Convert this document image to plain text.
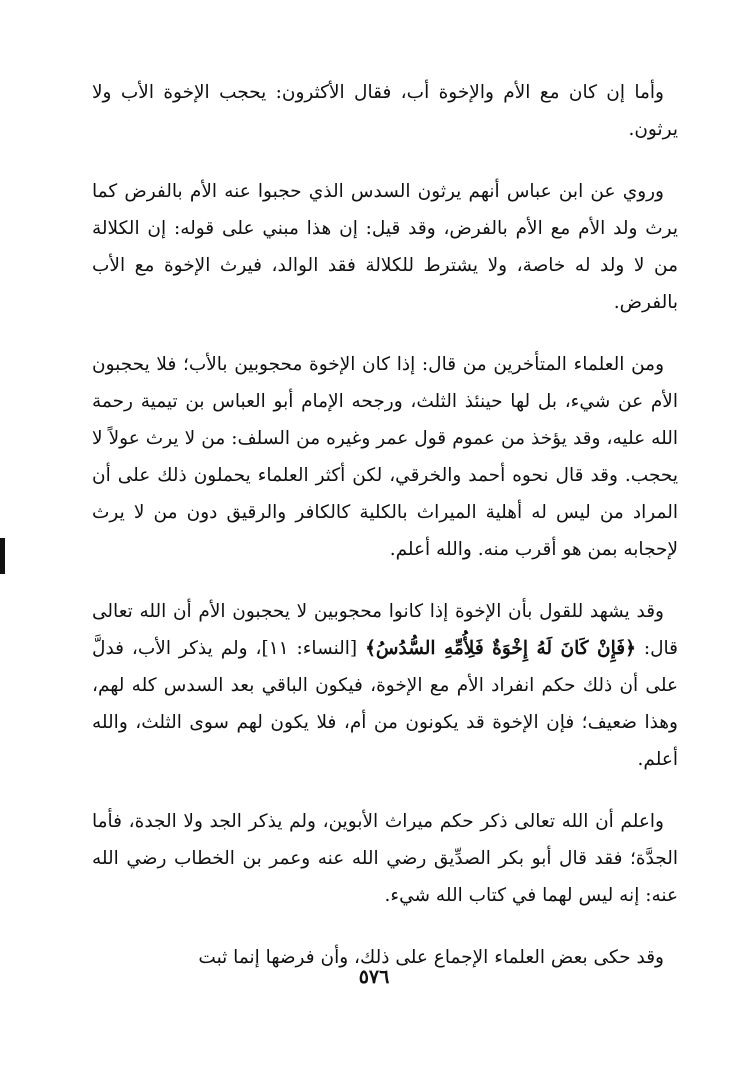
وأما إن كان مع الأم والإخوة أب، فقال الأكثرون: يحجب الإخوة الأب ولا يرثون.

وروي عن ابن عباس أنهم يرثون السدس الذي حجبوا عنه الأم بالفرض كما يرث ولد الأم مع الأم بالفرض، وقد قيل: إن هذا مبني على قوله: إن الكلالة من لا ولد له خاصة، ولا يشترط للكلالة فقد الوالد، فيرث الإخوة مع الأب بالفرض.

ومن العلماء المتأخرين من قال: إذا كان الإخوة محجوبين بالأب؛ فلا يحجبون الأم عن شيء، بل لها حينئذ الثلث، ورجحه الإمام أبو العباس بن تيمية رحمة الله عليه، وقد يؤخذ من عموم قول عمر وغيره من السلف: من لا يرث عولاً لا يحجب. وقد قال نحوه أحمد والخرقي، لكن أكثر العلماء يحملون ذلك على أن المراد من ليس له أهلية الميراث بالكلية كالكافر والرقيق دون من لا يرث لإحجابه بمن هو أقرب منه. والله أعلم.

وقد يشهد للقول بأن الإخوة إذا كانوا محجوبين لا يحجبون الأم أن الله تعالى قال: ﴿فَإِنْ كَانَ لَهُ إِخْوَةٌ فَلِأُمِّهِ السُّدُسُ﴾ [النساء: ١١]، ولم يذكر الأب، فدلَّ على أن ذلك حكم انفراد الأم مع الإخوة، فيكون الباقي بعد السدس كله لهم، وهذا ضعيف؛ فإن الإخوة قد يكونون من أم، فلا يكون لهم سوى الثلث، والله أعلم.

واعلم أن الله تعالى ذكر حكم ميراث الأبوين، ولم يذكر الجد ولا الجدة، فأما الجدَّة؛ فقد قال أبو بكر الصدِّيق رضي الله عنه وعمر بن الخطاب رضي الله عنه: إنه ليس لهما في كتاب الله شيء.

وقد حكى بعض العلماء الإجماع على ذلك، وأن فرضها إنما ثبت

٥٧٦
